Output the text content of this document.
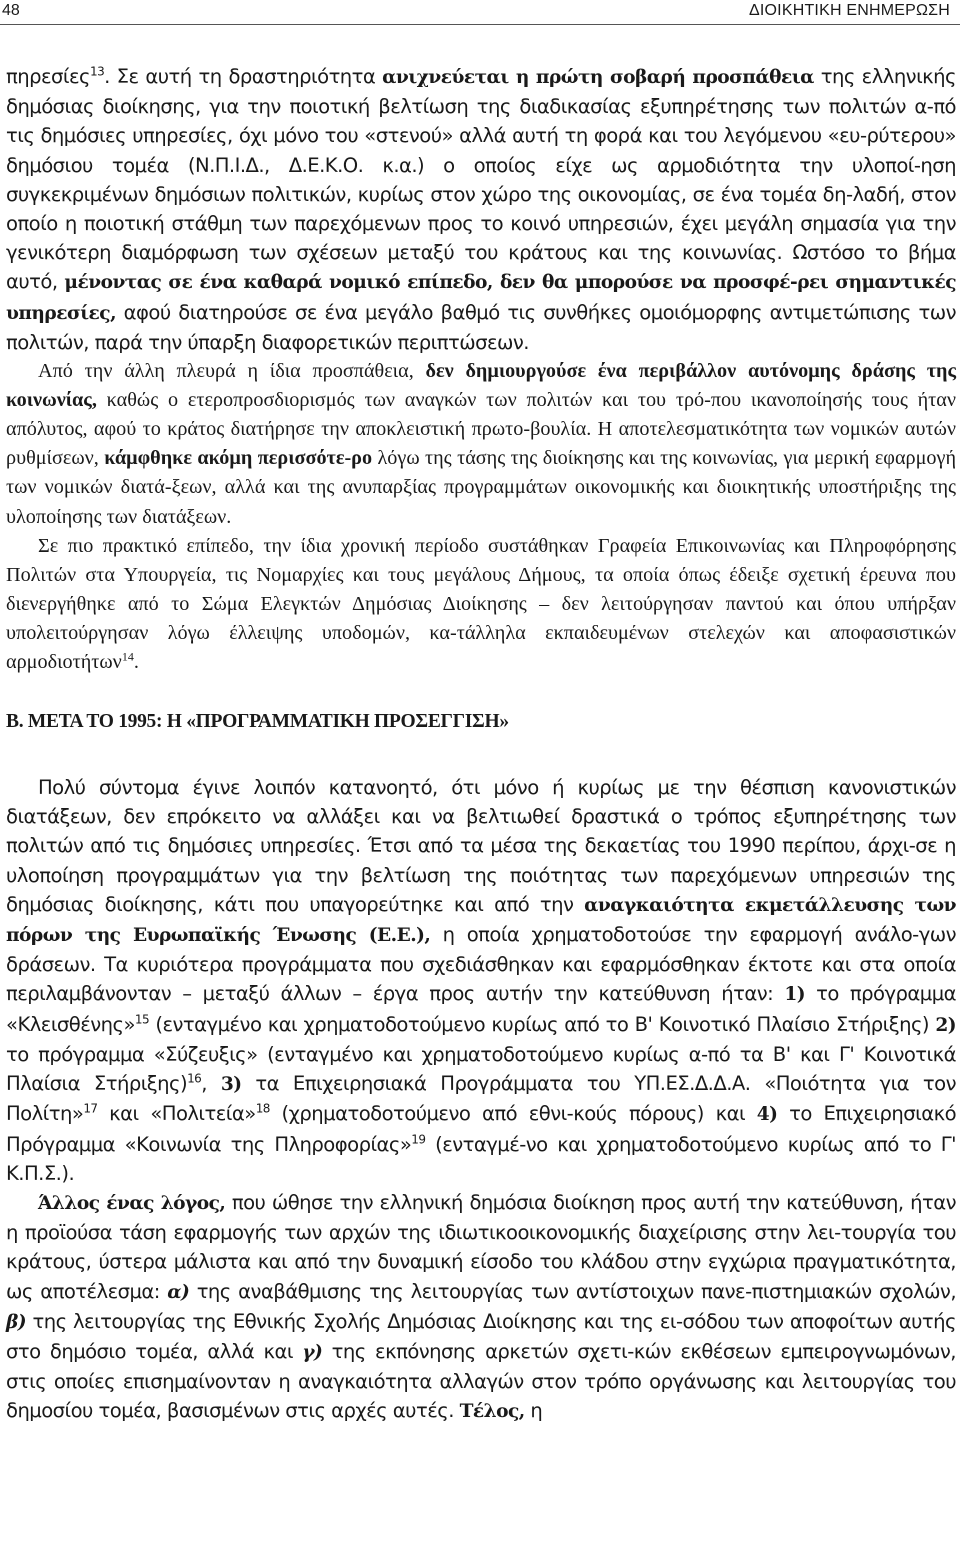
48	ΔΙΟΙΚΗΤΙΚΗ ΕΝΗΜΕΡΩΣΗ

πηρεσίες$^{13}$. Σε αυτή τη δραστηριότητα ανιχνεύεται η πρώτη σοβαρή προσπάθεια της ελληνικής δημόσιας διοίκησης, για την ποιοτική βελτίωση της διαδικασίας εξυπηρέτησης των πολιτών α-πό τις δημόσιες υπηρεσίες, όχι μόνο του «στενού» αλλά αυτή τη φορά και του λεγόμενου «ευ-ρύτερου» δημόσιου τομέα (Ν.Π.Ι.Δ., Δ.Ε.Κ.Ο. κ.α.) ο οποίος είχε ως αρμοδιότητα την υλοποί-ηση συγκεκριμένων δημόσιων πολιτικών, κυρίως στον χώρο της οικονομίας, σε ένα τομέα δη-λαδή, στον οποίο η ποιοτική στάθμη των παρεχόμενων προς το κοινό υπηρεσιών, έχει μεγάλη σημασία για την γενικότερη διαμόρφωση των σχέσεων μεταξύ του κράτους και της κοινωνίας. Ωστόσο το βήμα αυτό, μένοντας σε ένα καθαρά νομικό επίπεδο, δεν θα μπορούσε να προσφέ-ρει σημαντικές υπηρεσίες, αφού διατηρούσε σε ένα μεγάλο βαθμό τις συνθήκες ομοιόμορφης αντιμετώπισης των πολιτών, παρά την ύπαρξη διαφορετικών περιπτώσεων.

Από την άλλη πλευρά η ίδια προσπάθεια, δεν δημιουργούσε ένα περιβάλλον αυτόνομης δράσης της κοινωνίας, καθώς ο ετεροπροσδιορισμός των αναγκών των πολιτών και του τρό-που ικανοποίησής τους ήταν απόλυτος, αφού το κράτος διατήρησε την αποκλειστική πρωτο-βουλία. Η αποτελεσματικότητα των νομικών αυτών ρυθμίσεων, κάμφθηκε ακόμη περισσότε-ρο λόγω της τάσης της διοίκησης και της κοινωνίας, για μερική εφαρμογή των νομικών διατά-ξεων, αλλά και της ανυπαρξίας προγραμμάτων οικονομικής και διοικητικής υποστήριξης της υλοποίησης των διατάξεων.

Σε πιο πρακτικό επίπεδο, την ίδια χρονική περίοδο συστάθηκαν Γραφεία Επικοινωνίας και Πληροφόρησης Πολιτών στα Υπουργεία, τις Νομαρχίες και τους μεγάλους Δήμους, τα οποία όπως έδειξε σχετική έρευνα που διενεργήθηκε από το Σώμα Ελεγκτών Δημόσιας Διοίκησης – δεν λειτούργησαν παντού και όπου υπήρξαν υπολειτούργησαν λόγω έλλειψης υποδομών, κα-τάλληλα εκπαιδευμένων στελεχών και αποφασιστικών αρμοδιοτήτων$^{14}$.

Β. ΜΕΤΑ ΤΟ 1995: Η «ΠΡΟΓΡΑΜΜΑΤΙΚΗ ΠΡΟΣΕΓΓΙΣΗ»

Πολύ σύντομα έγινε λοιπόν κατανοητό, ότι μόνο ή κυρίως με την θέσπιση κανονιστικών διατάξεων, δεν επρόκειτο να αλλάξει και να βελτιωθεί δραστικά ο τρόπος εξυπηρέτησης των πολιτών από τις δημόσιες υπηρεσίες. Έτσι από τα μέσα της δεκαετίας του 1990 περίπου, άρχι-σε η υλοποίηση προγραμμάτων για την βελτίωση της ποιότητας των παρεχόμενων υπηρεσιών της δημόσιας διοίκησης, κάτι που υπαγορεύτηκε και από την αναγκαιότητα εκμετάλλευσης των πόρων της Ευρωπαϊκής Ένωσης (Ε.Ε.), η οποία χρηματοδοτούσε την εφαρμογή ανάλο-γων δράσεων. Τα κυριότερα προγράμματα που σχεδιάσθηκαν και εφαρμόσθηκαν έκτοτε και στα οποία περιλαμβάνονταν – μεταξύ άλλων – έργα προς αυτήν την κατεύθυνση ήταν: 1) το πρόγραμμα «Κλεισθένης»$^{15}$ (ενταγμένο και χρηματοδοτούμενο κυρίως από το Β' Κοινοτικό Πλαίσιο Στήριξης) 2) το πρόγραμμα «Σύζευξις» (ενταγμένο και χρηματοδοτούμενο κυρίως α-πό τα Β' και Γ' Κοινοτικά Πλαίσια Στήριξης)$^{16}$, 3) τα Επιχειρησιακά Προγράμματα του ΥΠ.ΕΣ.Δ.Δ.Α. «Ποιότητα για τον Πολίτη»$^{17}$ και «Πολιτεία»$^{18}$ (χρηματοδοτούμενο από εθνι-κούς πόρους) και 4) το Επιχειρησιακό Πρόγραμμα «Κοινωνία της Πληροφορίας»$^{19}$ (ενταγμέ-νο και χρηματοδοτούμενο κυρίως από το Γ' Κ.Π.Σ.).

Άλλος ένας λόγος, που ώθησε την ελληνική δημόσια διοίκηση προς αυτή την κατεύθυνση, ήταν η προϊούσα τάση εφαρμογής των αρχών της ιδιωτικοοικονομικής διαχείρισης στην λει-τουργία του κράτους, ύστερα μάλιστα και από την δυναμική είσοδο του κλάδου στην εγχώρια πραγματικότητα, ως αποτέλεσμα: α) της αναβάθμισης της λειτουργίας των αντίστοιχων πανε-πιστημιακών σχολών, β) της λειτουργίας της Εθνικής Σχολής Δημόσιας Διοίκησης και της ει-σόδου των αποφοίτων αυτής στο δημόσιο τομέα, αλλά και γ) της εκπόνησης αρκετών σχετι-κών εκθέσεων εμπειρογνωμόνων, στις οποίες επισημαίνονταν η αναγκαιότητα αλλαγών στον τρόπο οργάνωσης και λειτουργίας του δημοσίου τομέα, βασισμένων στις αρχές αυτές. Τέλος, η
